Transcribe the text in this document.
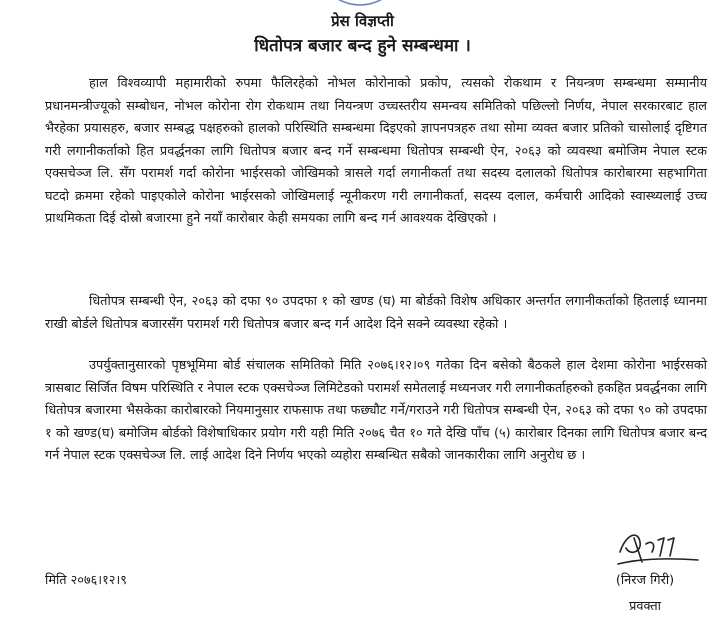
प्रेस विज्ञप्ती
धितोपत्र बजार बन्द हुने सम्बन्धमा ।

हाल विश्वव्यापी महामारीको रुपमा फैलिरहेको नोभल कोरोनाको प्रकोप, त्यसको रोकथाम र नियन्त्रण सम्बन्धमा सम्मानीय प्रधानमन्त्रीज्यूको सम्बोधन, नोभल कोरोना रोग रोकथाम तथा नियन्त्रण उच्चस्तरीय समन्वय समितिको पछिल्लो निर्णय, नेपाल सरकारबाट हाल भैरहेका प्रयासहरु, बजार सम्बद्ध पक्षहरुको हालको परिस्थिति सम्बन्धमा दिइएको ज्ञापनपत्रहरु तथा सोमा व्यक्त बजार प्रतिको चासोलाई दृष्टिगत गरी लगानीकर्ताको हित प्रवर्द्धनका लागि धितोपत्र बजार बन्द गर्ने सम्बन्धमा धितोपत्र सम्बन्धी ऐन, २०६३ को व्यवस्था बमोजिम नेपाल स्टक एक्सचेञ्ज लि. सँग परामर्श गर्दा कोरोना भाईरसको जोखिमको त्रासले गर्दा लगानीकर्ता तथा सदस्य दलालको धितोपत्र कारोबारमा सहभागिता घटदो क्रममा रहेको पाइएकोले कोरोना भाईरसको जोखिमलाई न्यूनीकरण गरी लगानीकर्ता, सदस्य दलाल, कर्मचारी आदिको स्वास्थ्यलाई उच्च प्राथमिकता दिई दोस्रो बजारमा हुने नयाँ कारोबार केही समयका लागि बन्द गर्न आवश्यक देखिएको ।

धितोपत्र सम्बन्धी ऐन, २०६३ को दफा ९० उपदफा १ को खण्ड (घ) मा बोर्डको विशेष अधिकार अन्तर्गत लगानीकर्ताको हितलाई ध्यानमा राखी बोर्डले धितोपत्र बजारसँग परामर्श गरी धितोपत्र बजार बन्द गर्न आदेश दिने सक्ने व्यवस्था रहेको ।

उपर्युक्तानुसारको पृष्ठभूमिमा बोर्ड संचालक समितिको मिति २०७६।१२।०९ गतेका दिन बसेको बैठकले हाल देशमा कोरोना भाईरसको त्रासबाट सिर्जित विषम परिस्थिति र नेपाल स्टक एक्सचेञ्ज लिमिटेडको परामर्श समेतलाई मध्यनजर गरी लगानीकर्ताहरुको हकहित प्रवर्द्धनका लागि धितोपत्र बजारमा भैसकेका कारोबारको नियमानुसार राफसाफ तथा फछ्यौट गर्ने/गराउने गरी धितोपत्र सम्बन्धी ऐन, २०६३ को दफा ९० को उपदफा १ को खण्ड(घ) बमोजिम बोर्डको विशेषाधिकार प्रयोग गरी यही मिति २०७६ चैत १० गते देखि पाँच (५) कारोबार दिनका लागि धितोपत्र बजार बन्द गर्न नेपाल स्टक एक्सचेञ्ज लि. लाई आदेश दिने निर्णय भएको व्यहोरा सम्बन्धित सबैको जानकारीका लागि अनुरोध छ ।

मिति २०७६।१२।९	(निरज गिरी)

प्रवक्ता
